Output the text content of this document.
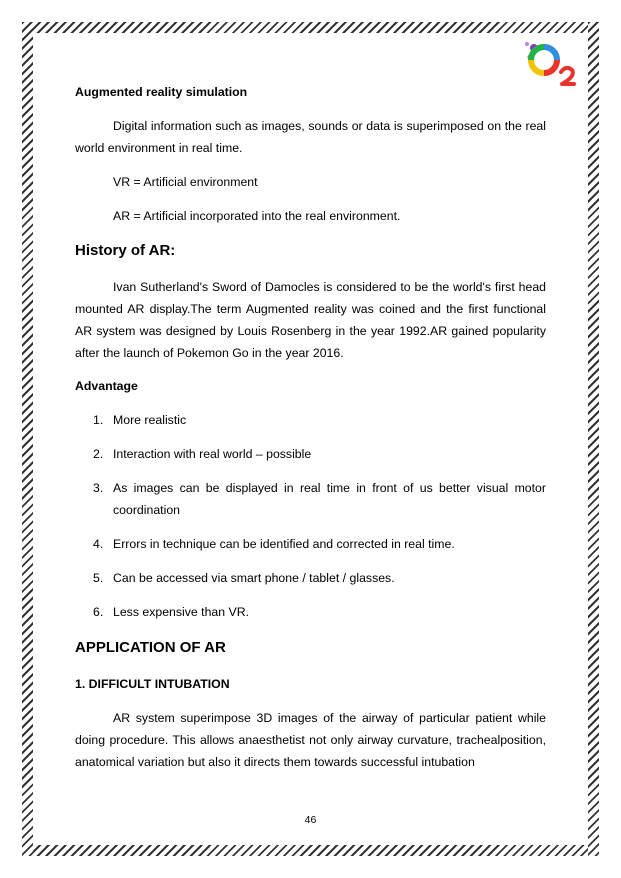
Augmented reality simulation

Digital information such as images, sounds or data is superimposed on the real world environment in real time.

VR = Artificial environment

AR = Artificial incorporated into the real environment.

History of AR:

Ivan Sutherland's Sword of Damocles is considered to be the world's first head mounted AR display.The term Augmented reality was coined and the first functional AR system was designed by Louis Rosenberg in the year 1992.AR gained popularity after the launch of Pokemon Go in the year 2016.

Advantage
1. More realistic
2. Interaction with real world – possible
3. As images can be displayed in real time in front of us better visual motor coordination
4. Errors in technique can be identified and corrected in real time.
5. Can be accessed via smart phone / tablet / glasses.
6. Less expensive than VR.
APPLICATION OF AR
1. DIFFICULT INTUBATION

AR system superimpose 3D images of the airway of particular patient while doing procedure. This allows anaesthetist not only airway curvature, trachealposition, anatomical variation but also it directs them towards successful intubation

46
